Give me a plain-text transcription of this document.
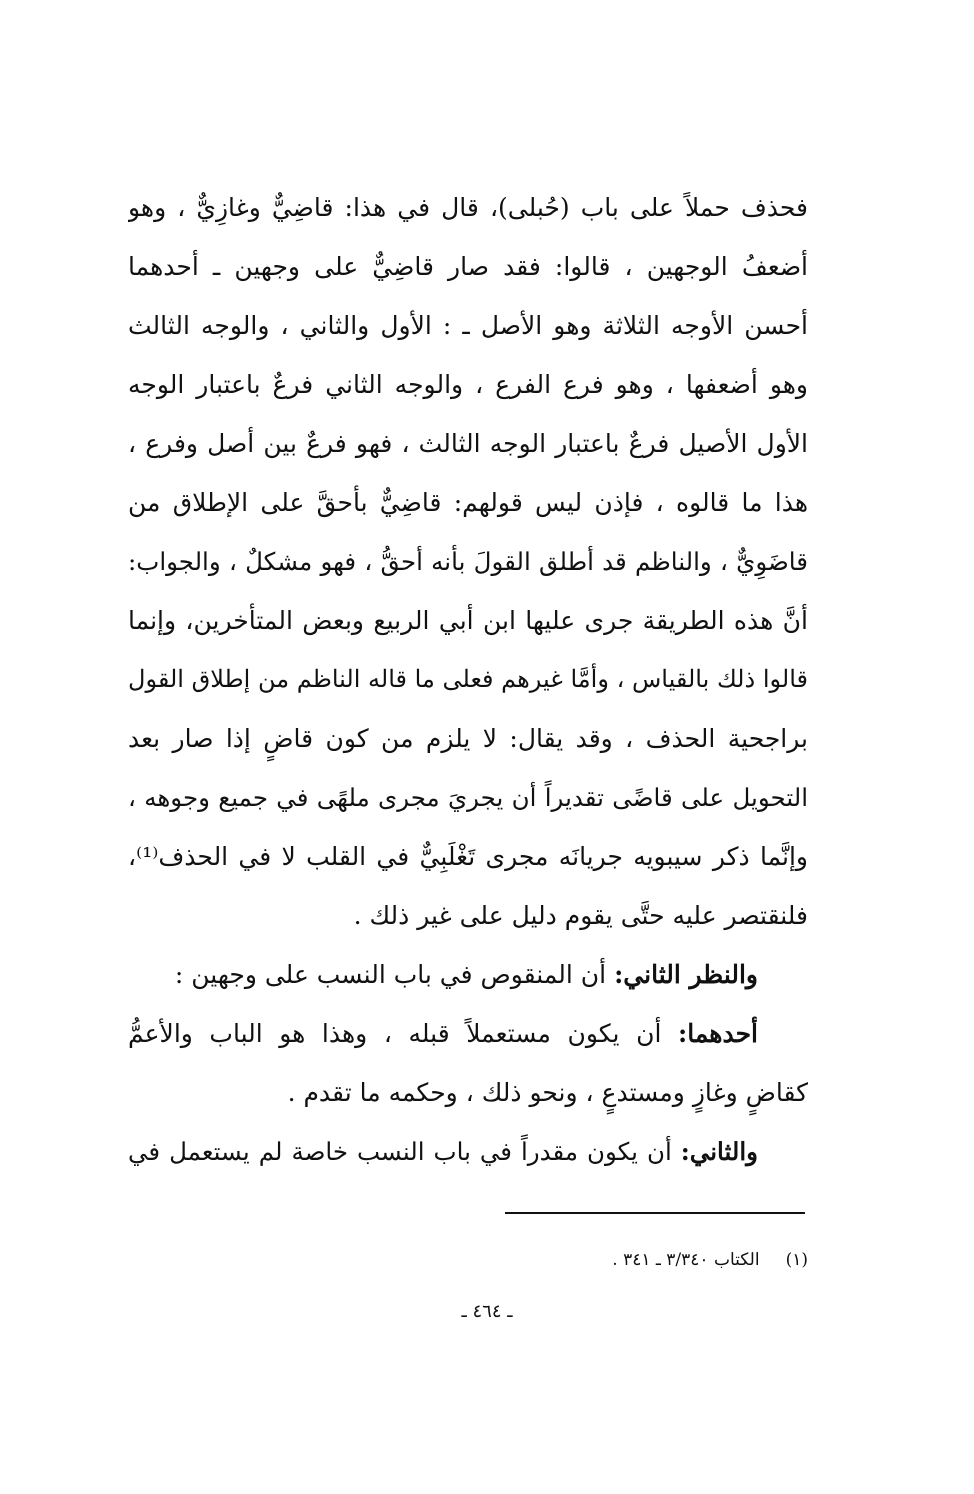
فحذف حملاً على باب (حُبلى)، قال في هذا: قاضِيٌّ وغازِيٌّ ، وهو
أضعفُ الوجهين ، قالوا: فقد صار قاضِيٌّ على وجهين ـ أحدهما
أحسن الأوجه الثلاثة وهو الأصل ـ : الأول والثاني ، والوجه الثالث
وهو أضعفها ، وهو فرع الفرع ، والوجه الثاني فرعٌ باعتبار الوجه
الأول الأصيل فرعٌ باعتبار الوجه الثالث ، فهو فرعٌ بين أصل وفرع ،
هذا ما قالوه ، فإذن ليس قولهم: قاضِيٌّ بأحقَّ على الإطلاق من
قاضَوِيٌّ ، والناظم قد أطلق القولَ بأنه أحقُّ ، فهو مشكلٌ ، والجواب:
أنَّ هذه الطريقة جرى عليها ابن أبي الربيع وبعض المتأخرين، وإنما
قالوا ذلك بالقياس ، وأمَّا غيرهم فعلى ما قاله الناظم من إطلاق القول
براجحية الحذف ، وقد يقال: لا يلزم من كون قاضٍ إذا صار بعد
التحويل على قاضًى تقديراً أن يجريَ مجرى ملهًى في جميع وجوهه ،
وإنَّما ذكر سيبويه جريانَه مجرى تَغْلَبِيٌّ في القلب لا في الحذف⁽¹⁾،
فلنقتصر عليه حتَّى يقوم دليل على غير ذلك .
والنظر الثاني: أن المنقوص في باب النسب على وجهين :
أحدهما: أن يكون مستعملاً قبله ، وهذا هو الباب والأعمُّ
كقاضٍ وغازٍ ومستدعٍ ، ونحو ذلك ، وحكمه ما تقدم .
والثاني: أن يكون مقدراً في باب النسب خاصة لم يستعمل في
(١)الكتاب ٣/٣٤٠ ـ ٣٤١ .
ـ ٤٦٤ ـ
